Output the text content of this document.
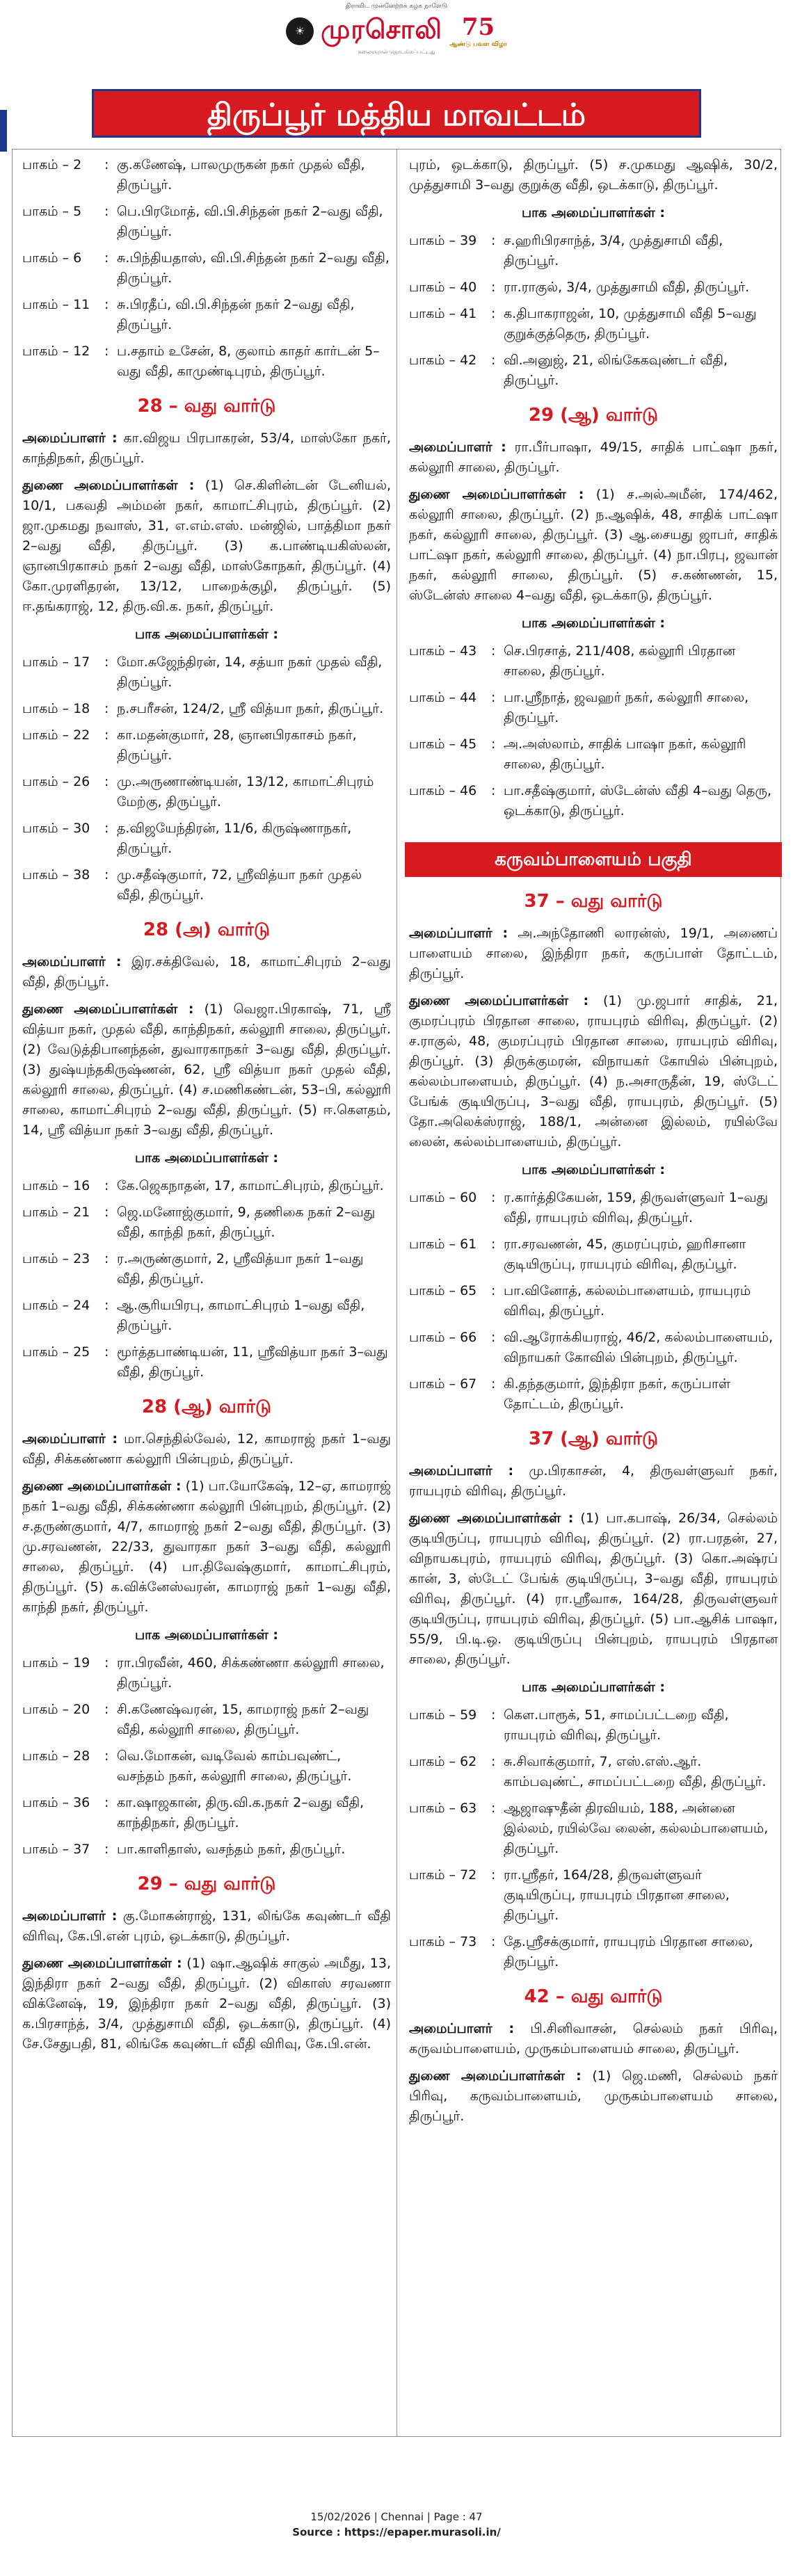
திராவிட முன்னேற்றக் கழக நாளேடு
☀ முரசொலி 75
ஆண்டு பவள விழா
கலைஞரால் தொடங்கப்பட்டது
திருப்பூர் மத்திய மாவட்டம்
பாகம் – 2	: கு.கணேஷ், பாலமுருகன் நகர் முதல் வீதி, திருப்பூர்.
பாகம் – 5	: பெ.பிரமோத், வி.பி.சிந்தன் நகர் 2–வது வீதி, திருப்பூர்.
பாகம் – 6	: சு.பிந்தியதாஸ், வி.பி.சிந்தன் நகர் 2–வது வீதி, திருப்பூர்.
பாகம் – 11	: சு.பிரதீப், வி.பி.சிந்தன் நகர் 2–வது வீதி, திருப்பூர்.
பாகம் – 12	: ப.சதாம் உசேன், 8, குலாம் காதர் கார்டன் 5–வது வீதி, காமுண்டிபுரம், திருப்பூர்.
28 – வது வார்டு
அமைப்பாளர் : கா.விஜய பிரபாகரன், 53/4, மாஸ்கோ நகர், காந்திநகர், திருப்பூர்.
துணை அமைப்பாளர்கள் : (1) செ.கிளின்டன் டேனியல், 10/1, பகவதி அம்மன் நகர், காமாட்சிபுரம், திருப்பூர். (2) ஜா.முகமது நவாஸ், 31, எ.எம்.எஸ். மன்ஜில், பாத்திமா நகர் 2–வது வீதி, திருப்பூர். (3) க.பாண்டியகிஸ்லன், ஞானபிரகாசம் நகர் 2–வது வீதி, மாஸ்கோநகர், திருப்பூர். (4) கோ.முரளிதரன், 13/12, பாறைக்குழி, திருப்பூர். (5) ஈ.தங்கராஜ், 12, திரு.வி.க. நகர், திருப்பூர்.
பாக அமைப்பாளர்கள் :
பாகம் – 17	: மோ.சுஜேந்திரன், 14, சத்யா நகர் முதல் வீதி, திருப்பூர்.
பாகம் – 18	: ந.சபரீசன், 124/2, ஸ்ரீ வித்யா நகர், திருப்பூர்.
பாகம் – 22	: கா.மதன்குமார், 28, ஞானபிரகாசம் நகர், திருப்பூர்.
பாகம் – 26	: மு.அருணாண்டியன், 13/12, காமாட்சிபுரம் மேற்கு, திருப்பூர்.
பாகம் – 30	: த.விஜயேந்திரன், 11/6, கிருஷ்ணாநகர், திருப்பூர்.
பாகம் – 38	: மு.சதீஷ்குமார், 72, ஸ்ரீவித்யா நகர் முதல் வீதி, திருப்பூர்.
28 (அ) வார்டு
அமைப்பாளர் : இர.சக்திவேல், 18, காமாட்சிபுரம் 2–வது வீதி, திருப்பூர்.
துணை அமைப்பாளர்கள் : (1) வெஜா.பிரகாஷ், 71, ஸ்ரீ வித்யா நகர், முதல் வீதி, காந்திநகர், கல்லூரி சாலை, திருப்பூர். (2) வேடுத்திபானந்தன், துவாரகாநகர் 3–வது வீதி, திருப்பூர். (3) துஷ்யந்தகிருஷ்ணன், 62, ஸ்ரீ வித்யா நகர் முதல் வீதி, கல்லூரி சாலை, திருப்பூர். (4) ச.மணிகண்டன், 53–பி, கல்லூரி சாலை, காமாட்சிபுரம் 2–வது வீதி, திருப்பூர். (5) ஈ.கௌதம், 14, ஸ்ரீ வித்யா நகர் 3–வது வீதி, திருப்பூர்.
பாக அமைப்பாளர்கள் :
பாகம் – 16	: கே.ஜெகநாதன், 17, காமாட்சிபுரம், திருப்பூர்.
பாகம் – 21	: ஜெ.மனோஜ்குமார், 9, தணிகை நகர் 2–வது வீதி, காந்தி நகர், திருப்பூர்.
பாகம் – 23	: ர.அருண்குமார், 2, ஸ்ரீவித்யா நகர் 1–வது வீதி, திருப்பூர்.
பாகம் – 24	: ஆ.சூரியபிரபு, காமாட்சிபுரம் 1–வது வீதி, திருப்பூர்.
பாகம் – 25	: மூர்த்தபாண்டியன், 11, ஸ்ரீவித்யா நகர் 3–வது வீதி, திருப்பூர்.
28 (ஆ) வார்டு
அமைப்பாளர் : மா.செந்தில்வேல், 12, காமராஜ் நகர் 1–வது வீதி, சிக்கண்ணா கல்லூரி பின்புறம், திருப்பூர்.
துணை அமைப்பாளர்கள் : (1) பா.யோகேஷ், 12–ஏ, காமராஜ் நகர் 1–வது வீதி, சிக்கண்ணா கல்லூரி பின்புறம், திருப்பூர். (2) ச.தருண்குமார், 4/7, காமராஜ் நகர் 2–வது வீதி, திருப்பூர். (3) மு.சரவணன், 22/33, துவாரகா நகர் 3–வது வீதி, கல்லூரி சாலை, திருப்பூர். (4) பா.திவேஷ்குமார், காமாட்சிபுரம், திருப்பூர். (5) க.விக்னேஸ்வரன், காமராஜ் நகர் 1–வது வீதி, காந்தி நகர், திருப்பூர்.
பாக அமைப்பாளர்கள் :
பாகம் – 19	: ரா.பிரவீன், 460, சிக்கண்ணா கல்லூரி சாலை, திருப்பூர்.
பாகம் – 20	: சி.கணேஷ்வரன், 15, காமராஜ் நகர் 2–வது வீதி, கல்லூரி சாலை, திருப்பூர்.
பாகம் – 28	: வெ.மோகன், வடிவேல் காம்பவுண்ட், வசந்தம் நகர், கல்லூரி சாலை, திருப்பூர்.
பாகம் – 36	: கா.ஷாஜகான், திரு.வி.க.நகர் 2–வது வீதி, காந்திநகர், திருப்பூர்.
பாகம் – 37	: பா.காளிதாஸ், வசந்தம் நகர், திருப்பூர்.
29 – வது வார்டு
அமைப்பாளர் : கு.மோகன்ராஜ், 131, லிங்கே கவுண்டர் வீதி விரிவு, கே.பி.என் புரம், ஒடக்காடு, திருப்பூர்.
துணை அமைப்பாளர்கள் : (1) ஷா.ஆஷிக் சாகுல் அமீது, 13, இந்திரா நகர் 2–வது வீதி, திருப்பூர். (2) விகாஸ் சரவணா விக்னேஷ், 19, இந்திரா நகர் 2–வது வீதி, திருப்பூர். (3) க.பிரசாந்த், 3/4, முத்துசாமி வீதி, ஒடக்காடு, திருப்பூர். (4) சே.சேதுபதி, 81, லிங்கே கவுண்டர் வீதி விரிவு, கே.பி.என்.
புரம், ஒடக்காடு, திருப்பூர். (5) ச.முகமது ஆஷிக், 30/2, முத்துசாமி 3–வது குறுக்கு வீதி, ஒடக்காடு, திருப்பூர்.
பாக அமைப்பாளர்கள் :
பாகம் – 39	: ச.ஹரிபிரசாந்த், 3/4, முத்துசாமி வீதி, திருப்பூர்.
பாகம் – 40	: ரா.ராகுல், 3/4, முத்துசாமி வீதி, திருப்பூர்.
பாகம் – 41	: க.திபாகராஜன், 10, முத்துசாமி வீதி 5–வது குறுக்குத்தெரு, திருப்பூர்.
பாகம் – 42	: வி.அனுஜ், 21, லிங்கேகவுண்டர் வீதி, திருப்பூர்.
29 (ஆ) வார்டு
அமைப்பாளர் : ரா.பீர்பாஷா, 49/15, சாதிக் பாட்ஷா நகர், கல்லூரி சாலை, திருப்பூர்.
துணை அமைப்பாளர்கள் : (1) ச.அல்அமீன், 174/462, கல்லூரி சாலை, திருப்பூர். (2) ந.ஆஷிக், 48, சாதிக் பாட்ஷா நகர், கல்லூரி சாலை, திருப்பூர். (3) ஆ.சையது ஜாபர், சாதிக் பாட்ஷா நகர், கல்லூரி சாலை, திருப்பூர். (4) நா.பிரபு, ஜவான் நகர், கல்லூரி சாலை, திருப்பூர். (5) ச.கண்ணன், 15, ஸ்டேன்ஸ் சாலை 4–வது வீதி, ஒடக்காடு, திருப்பூர்.
பாக அமைப்பாளர்கள் :
பாகம் – 43	: செ.பிரசாத், 211/408, கல்லூரி பிரதான சாலை, திருப்பூர்.
பாகம் – 44	: பா.ஸ்ரீநாத், ஜவஹர் நகர், கல்லூரி சாலை, திருப்பூர்.
பாகம் – 45	: அ.அஸ்லாம், சாதிக் பாஷா நகர், கல்லூரி சாலை, திருப்பூர்.
பாகம் – 46	: பா.சதீஷ்குமார், ஸ்டேன்ஸ் வீதி 4–வது தெரு, ஒடக்காடு, திருப்பூர்.
கருவம்பாளையம் பகுதி
37 – வது வார்டு
அமைப்பாளர் : அ.அந்தோணி லாரன்ஸ், 19/1, அணைப் பாளையம் சாலை, இந்திரா நகர், கருப்பாள் தோட்டம், திருப்பூர்.
துணை அமைப்பாளர்கள் : (1) மு.ஜபார் சாதிக், 21, குமரப்புரம் பிரதான சாலை, ராயபுரம் விரிவு, திருப்பூர். (2) ச.ராகுல், 48, குமரப்புரம் பிரதான சாலை, ராயபுரம் விரிவு, திருப்பூர். (3) திருக்குமரன், விநாயகர் கோயில் பின்புறம், கல்லம்பாளையம், திருப்பூர். (4) ந.அசாருதீன், 19, ஸ்டேட் பேங்க் குடியிருப்பு, 3–வது வீதி, ராயபுரம், திருப்பூர். (5) தோ.அலெக்ஸ்ராஜ், 188/1, அன்னை இல்லம், ரயில்வே லைன், கல்லம்பாளையம், திருப்பூர்.
பாக அமைப்பாளர்கள் :
பாகம் – 60	: ர.கார்த்திகேயன், 159, திருவள்ளுவர் 1–வது வீதி, ராயபுரம் விரிவு, திருப்பூர்.
பாகம் – 61	: ரா.சரவணன், 45, குமரப்புரம், ஹரிசானா குடியிருப்பு, ராயபுரம் விரிவு, திருப்பூர்.
பாகம் – 65	: பா.வினோத், கல்லம்பாளையம், ராயபுரம் விரிவு, திருப்பூர்.
பாகம் – 66	: வி.ஆரோக்கியராஜ், 46/2, கல்லம்பாளையம், விநாயகர் கோவில் பின்புறம், திருப்பூர்.
பாகம் – 67	: கி.தந்தகுமார், இந்திரா நகர், கருப்பாள் தோட்டம், திருப்பூர்.
37 (ஆ) வார்டு
அமைப்பாளர் : மு.பிரகாசன், 4, திருவள்ளுவர் நகர், ராயபுரம் விரிவு, திருப்பூர்.
துணை அமைப்பாளர்கள் : (1) பா.கபாஷ், 26/34, செல்லம் குடியிருப்பு, ராயபுரம் விரிவு, திருப்பூர். (2) ரா.பரதன், 27, விநாயகபுரம், ராயபுரம் விரிவு, திருப்பூர். (3) கொ.அஷ்ரப் கான், 3, ஸ்டேட் பேங்க் குடியிருப்பு, 3–வது வீதி, ராயபுரம் விரிவு, திருப்பூர். (4) ரா.ஸ்ரீவாசு, 164/28, திருவள்ளுவர் குடியிருப்பு, ராயபுரம் விரிவு, திருப்பூர். (5) பா.ஆசிக் பாஷா, 55/9, பி.டி.ஒ. குடியிருப்பு பின்புறம், ராயபுரம் பிரதான சாலை, திருப்பூர்.
பாக அமைப்பாளர்கள் :
பாகம் – 59	: கௌ.பாரூக், 51, சாமப்பட்டறை வீதி, ராயபுரம் விரிவு, திருப்பூர்.
பாகம் – 62	: சு.சிவாக்குமார், 7, எஸ்.எஸ்.ஆர். காம்பவுண்ட், சாமப்பட்டறை வீதி, திருப்பூர்.
பாகம் – 63	: ஆஜாஷுதீன் திரவியம், 188, அன்னை இல்லம், ரயில்வே லைன், கல்லம்பாளையம், திருப்பூர்.
பாகம் – 72	: ரா.ஸ்ரீதர், 164/28, திருவள்ளுவர் குடியிருப்பு, ராயபுரம் பிரதான சாலை, திருப்பூர்.
பாகம் – 73	: தே.ஸ்ரீசக்குமார், ராயபுரம் பிரதான சாலை, திருப்பூர்.
42 – வது வார்டு
அமைப்பாளர் : பி.சினிவாசன், செல்லம் நகர் பிரிவு, கருவம்பாளையம், முருகம்பாளையம் சாலை, திருப்பூர்.
துணை அமைப்பாளர்கள் : (1) ஜெ.மணி, செல்லம் நகர் பிரிவு, கருவம்பாளையம், முருகம்பாளையம் சாலை, திருப்பூர்.
15/02/2026 | Chennai | Page : 47
Source : https://epaper.murasoli.in/
